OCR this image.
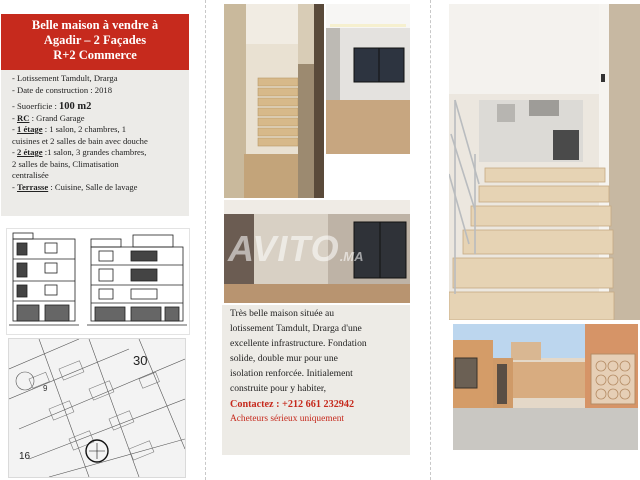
Belle maison à vendre à
Agadir – 2 Façades
R+2 Commerce
- Lotissement Tamdult, Drarga
- Date de construction : 2018
- Suoerficie : 100 m2
- RC : Grand Garage
- 1 étage : 1 salon, 2 chambres, 1
cuisines et 2 salles de bain avec douche
- 2 étage :1 salon, 3 grandes chambres,
2 salles de bains, Climatisation
centralisée
- Terrasse : Cuisine, Salle de lavage
30
9
16
AVITO.MA
Très belle maison située au
lotissement Tamdult, Drarga d'une
excellente infrastructure. Fondation
solide, double mur pour une
isolation renforcée. Initialement
construite pour y habiter,
Contactez : +212 661 232942
Acheteurs sérieux uniquement
